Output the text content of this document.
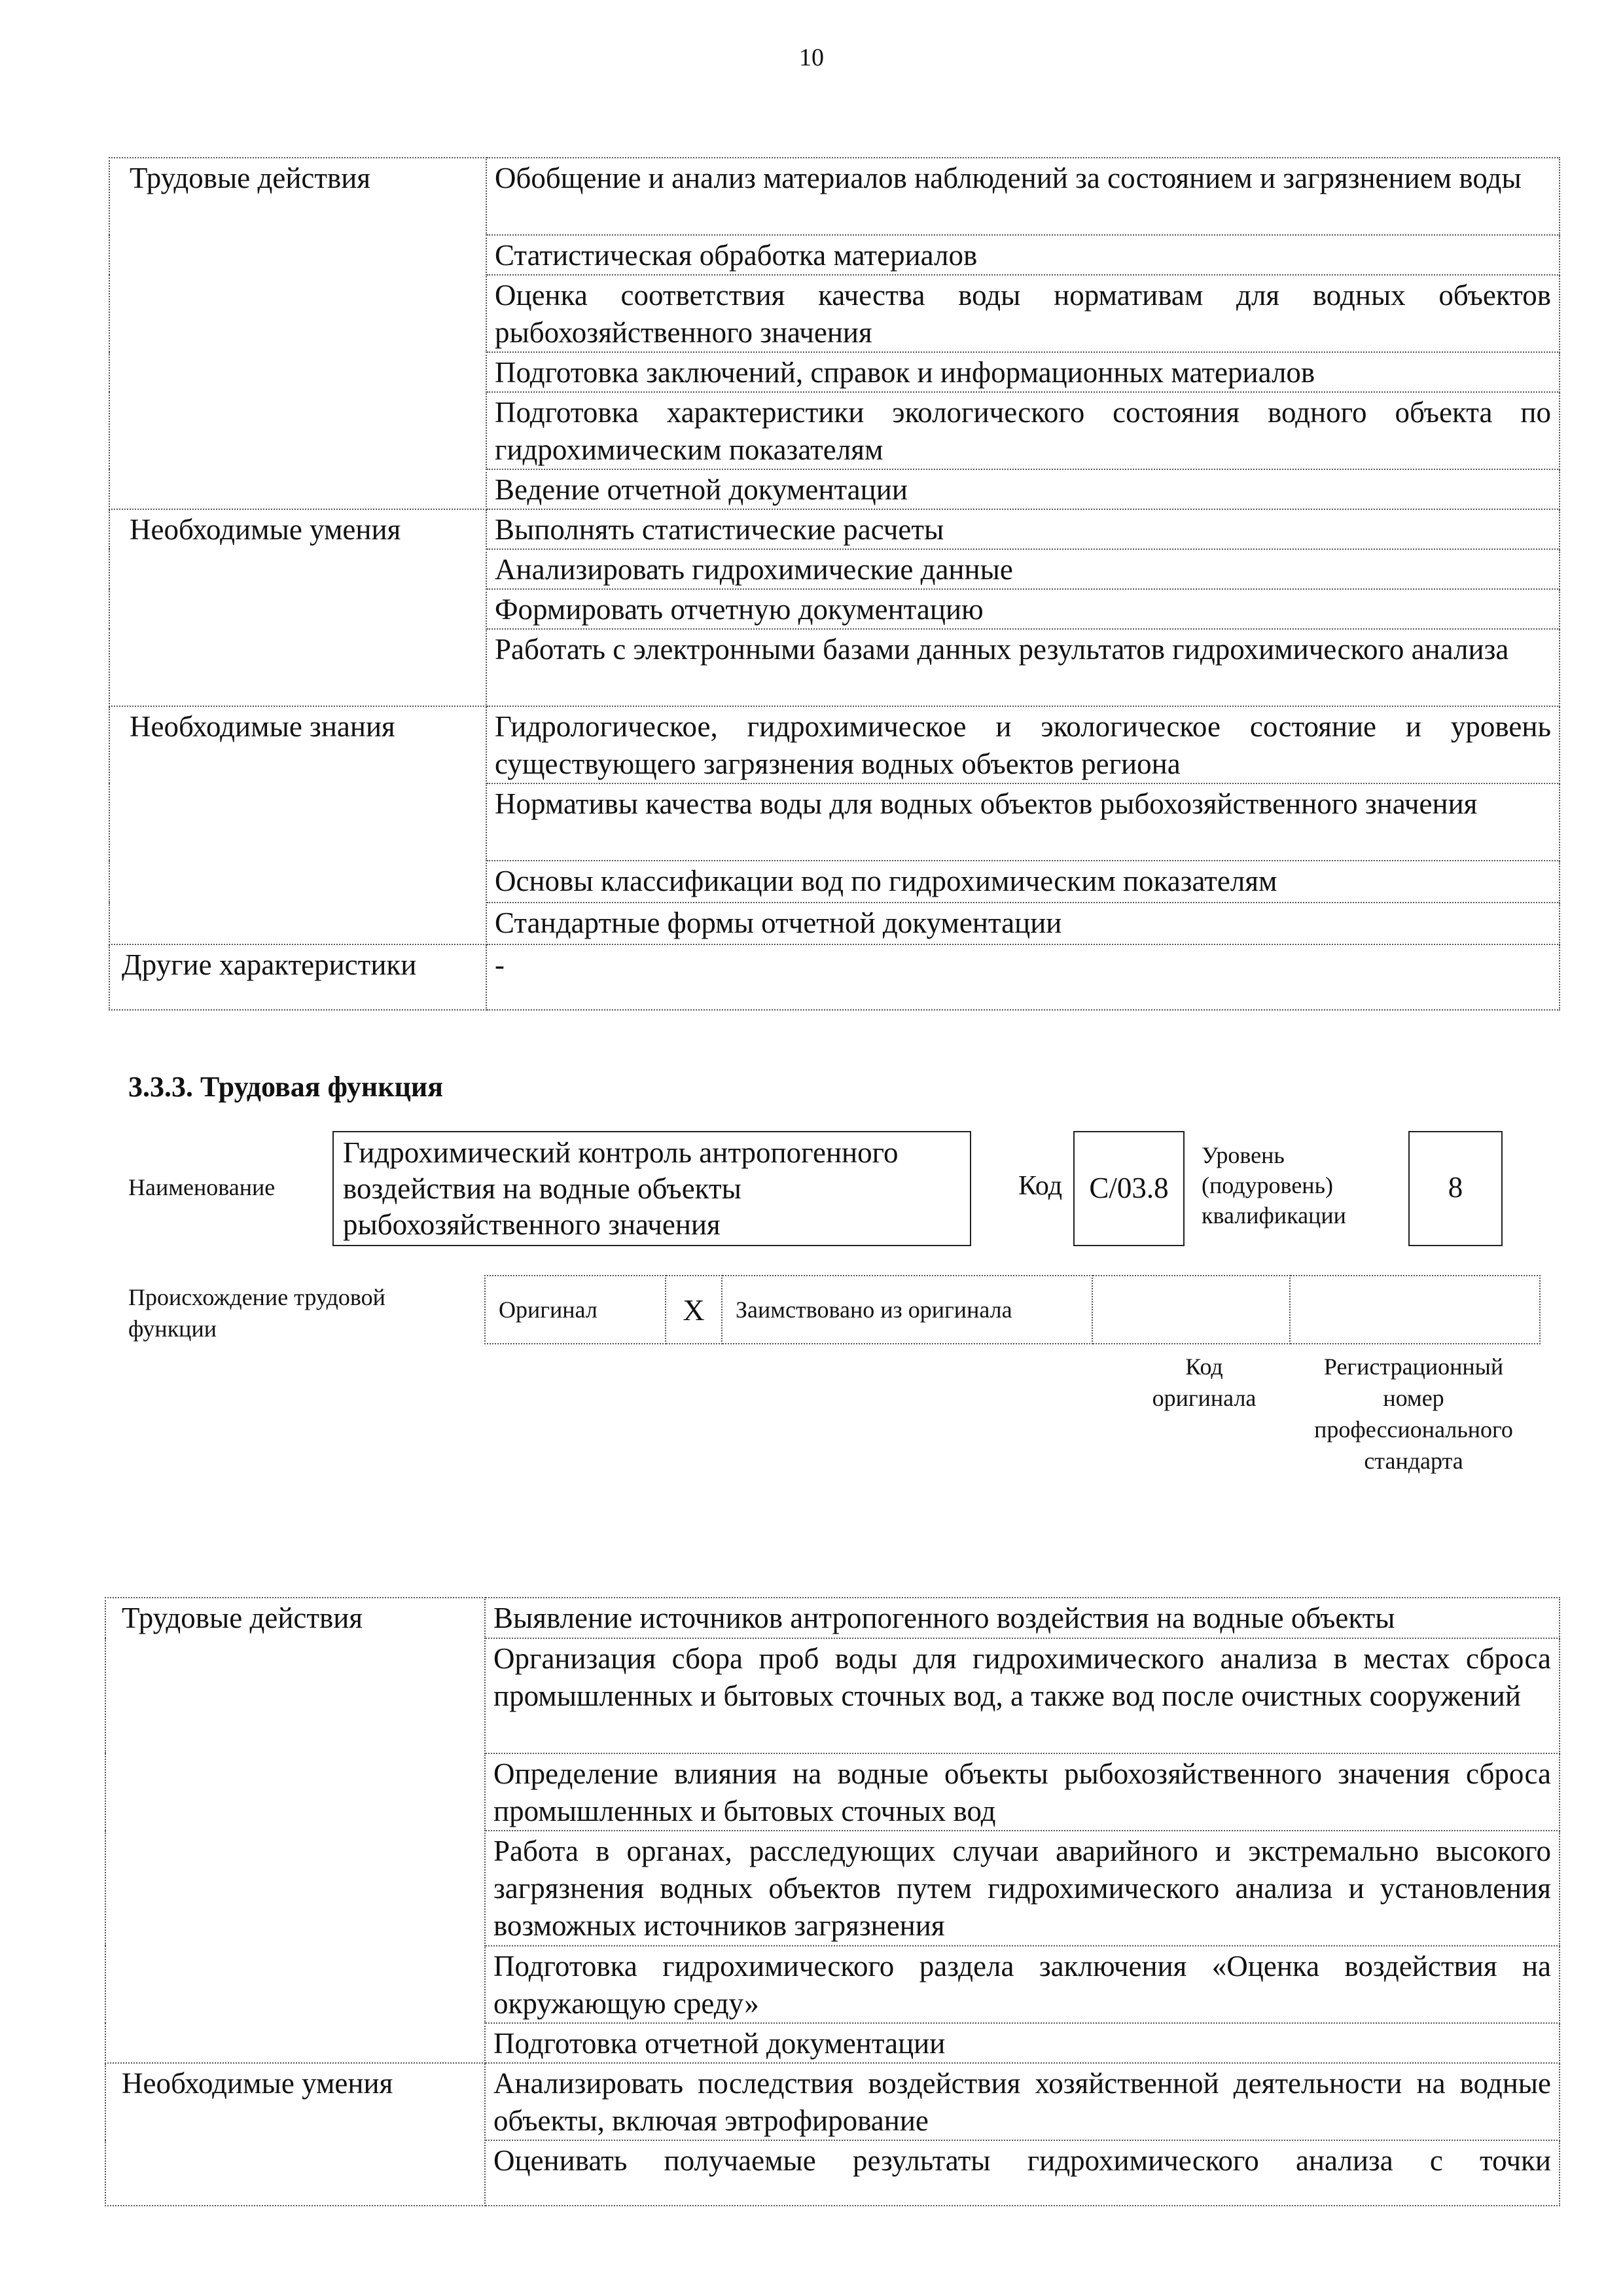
10
Трудовые действия	Обобщение и анализ материалов наблюдений за состоянием и загрязнением воды
	Статистическая обработка материалов
	Оценка соответствия качества воды нормативам для водных объектов рыбохозяйственного значения
	Подготовка заключений, справок и информационных материалов
	Подготовка характеристики экологического состояния водного объекта по гидрохимическим показателям
	Ведение отчетной документации
Необходимые умения	Выполнять статистические расчеты
	Анализировать гидрохимические данные
	Формировать отчетную документацию
	Работать с электронными базами данных результатов гидрохимического анализа
Необходимые знания	Гидрологическое, гидрохимическое и экологическое состояние и уровень существующего загрязнения водных объектов региона
	Нормативы качества воды для водных объектов рыбохозяйственного значения
	Основы классификации вод по гидрохимическим показателям
	Стандартные формы отчетной документации
Другие характеристики	-
3.3.3. Трудовая функция
Наименование
Гидрохимический контроль антропогенного воздействия на водные объекты рыбохозяйственного значения
Код C/03.8
Уровень
(подуровень)
квалификации
8
Происхождение трудовой
функции
Оригинал	X	Заимствовано из оригинала		
Код
оригинала
Регистрационный
номер
профессионального
стандарта
Трудовые действия	Выявление источников антропогенного воздействия на водные объекты
	Организация сбора проб воды для гидрохимического анализа в местах сброса промышленных и бытовых сточных вод, а также вод после очистных сооружений
	Определение влияния на водные объекты рыбохозяйственного значения сброса промышленных и бытовых сточных вод
	Работа в органах, расследующих случаи аварийного и экстремально высокого загрязнения водных объектов путем гидрохимического анализа и установления возможных источников загрязнения
	Подготовка гидрохимического раздела заключения «Оценка воздействия на окружающую среду»
	Подготовка отчетной документации
Необходимые умения	Анализировать последствия воздействия хозяйственной деятельности на водные объекты, включая эвтрофирование
	Оценивать получаемые результаты гидрохимического анализа с точки
